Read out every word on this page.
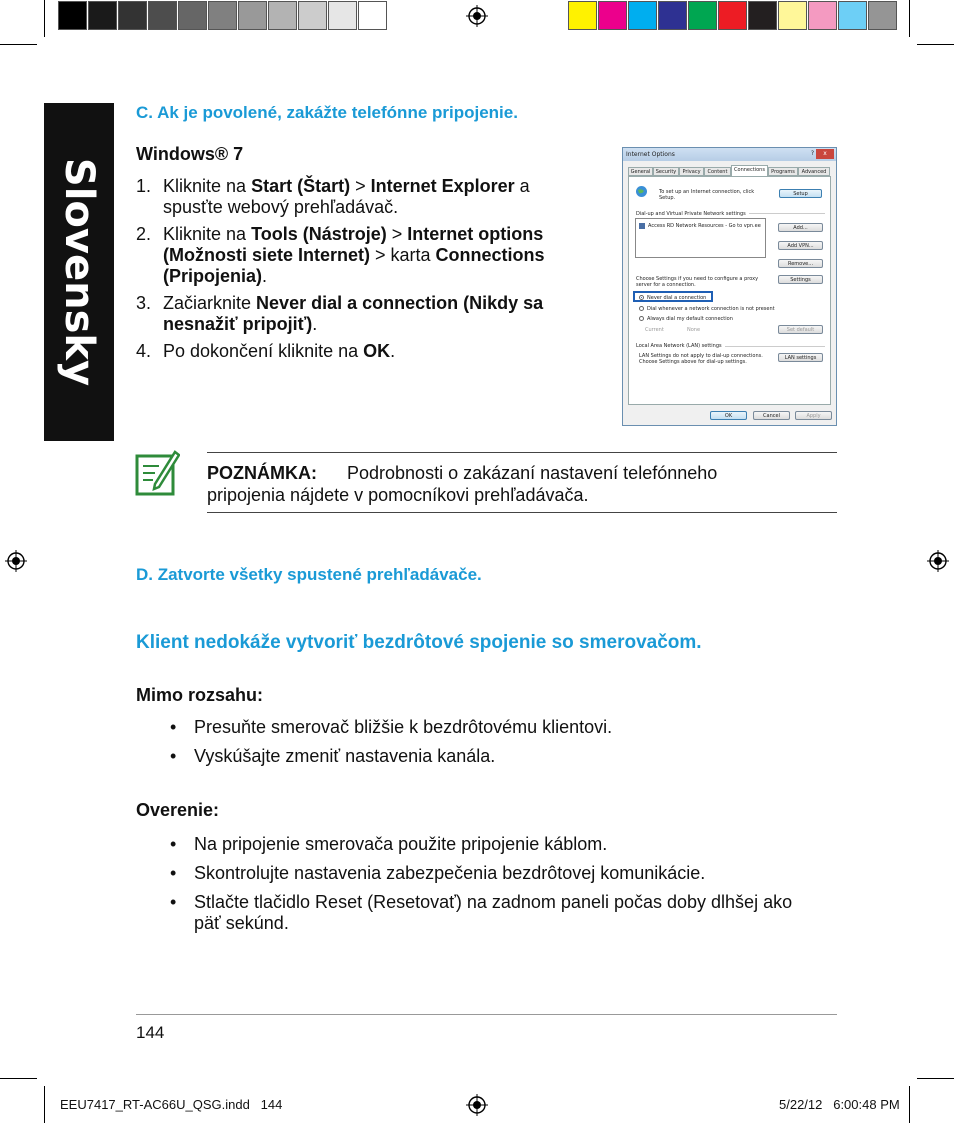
Slovensky
C. Ak je povolené, zakážte telefónne pripojenie.
Windows® 7
1. Kliknite na Start (Štart) > Internet Explorer a spusťte webový prehľadávač.
2. Kliknite na Tools (Nástroje) > Internet options (Možnosti siete Internet) > karta Connections (Pripojenia).
3. Začiarknite Never dial a connection (Nikdy sa nesnažiť pripojiť).
4. Po dokončení kliknite na OK.
Internet Options	?	x
General	Security	Privacy	Content	Connections	Programs	Advanced
To set up an Internet connection, click Setup.
Setup
Dial-up and Virtual Private Network settings
Access RD Network Resources - Go to vpn.ee	Add...
Add VPN...
Remove...
Choose Settings if you need to configure a proxy server for a connection.
Settings
Never dial a connection
Dial whenever a network connection is not present
Always dial my default connection
Current	None	Set default
Local Area Network (LAN) settings
LAN Settings do not apply to dial-up connections. Choose Settings above for dial-up settings.
LAN settings
OK	Cancel	Apply
POZNÁMKA: Podrobnosti o zakázaní nastavení telefónneho
pripojenia nájdete v pomocníkovi prehľadávača.
D. Zatvorte všetky spustené prehľadávače.
Klient nedokáže vytvoriť bezdrôtové spojenie so smerovačom.
Mimo rozsahu:
• Presuňte smerovač bližšie k bezdrôtovému klientovi.
• Vyskúšajte zmeniť nastavenia kanála.
Overenie:
• Na pripojenie smerovača použite pripojenie káblom.
• Skontrolujte nastavenia zabezpečenia bezdrôtovej komunikácie.
• Stlačte tlačidlo Reset (Resetovať) na zadnom paneli počas doby dlhšej ako päť sekúnd.
144
EEU7417_RT-AC66U_QSG.indd   144	5/22/12   6:00:48 PM
